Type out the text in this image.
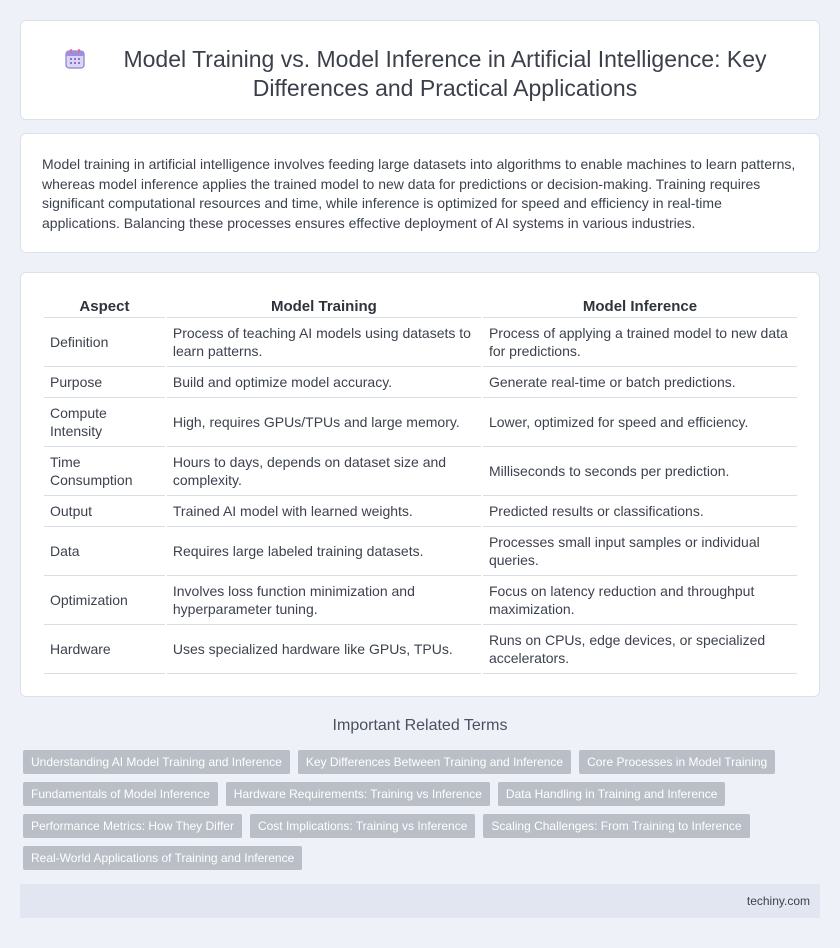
Model Training vs. Model Inference in Artificial Intelligence: Key Differences and Practical Applications

Model training in artificial intelligence involves feeding large datasets into algorithms to enable machines to learn patterns, whereas model inference applies the trained model to new data for predictions or decision-making. Training requires significant computational resources and time, while inference is optimized for speed and efficiency in real-time applications. Balancing these processes ensures effective deployment of AI systems in various industries.

Aspect	Model Training	Model Inference
Definition	Process of teaching AI models using datasets to learn patterns.	Process of applying a trained model to new data for predictions.
Purpose	Build and optimize model accuracy.	Generate real-time or batch predictions.
Compute Intensity	High, requires GPUs/TPUs and large memory.	Lower, optimized for speed and efficiency.
Time Consumption	Hours to days, depends on dataset size and complexity.	Milliseconds to seconds per prediction.
Output	Trained AI model with learned weights.	Predicted results or classifications.
Data	Requires large labeled training datasets.	Processes small input samples or individual queries.
Optimization	Involves loss function minimization and hyperparameter tuning.	Focus on latency reduction and throughput maximization.
Hardware	Uses specialized hardware like GPUs, TPUs.	Runs on CPUs, edge devices, or specialized accelerators.
Important Related Terms
Understanding AI Model Training and Inference	Key Differences Between Training and Inference	Core Processes in Model Training
Fundamentals of Model Inference	Hardware Requirements: Training vs Inference	Data Handling in Training and Inference
Performance Metrics: How They Differ	Cost Implications: Training vs Inference	Scaling Challenges: From Training to Inference
Real-World Applications of Training and Inference
techiny.com
